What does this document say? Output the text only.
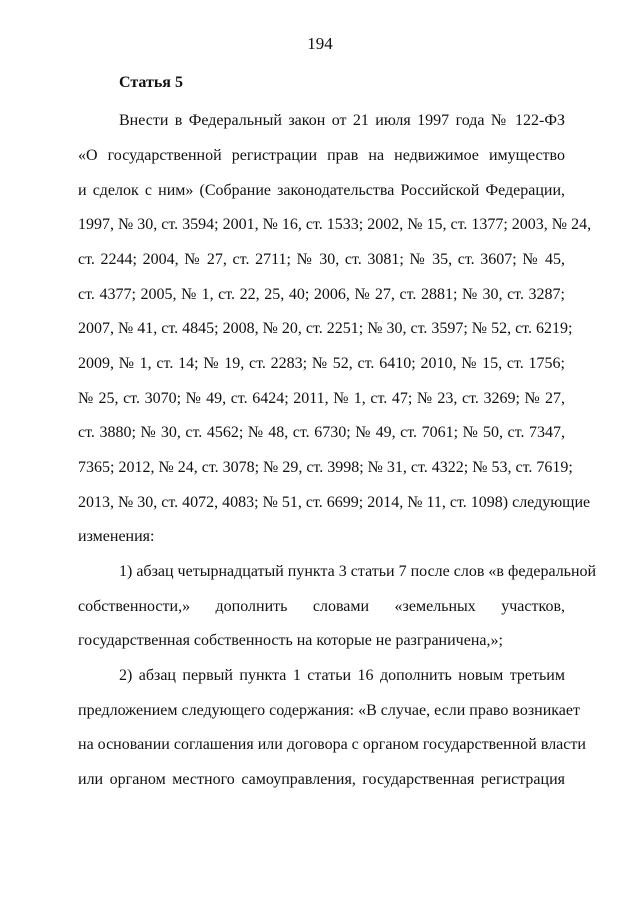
194
Статья 5
Внести в Федеральный закон от 21 июля 1997 года № 122-ФЗ
«О государственной регистрации прав на недвижимое имущество
и сделок с ним» (Собрание законодательства Российской Федерации,
1997, № 30, ст. 3594; 2001, № 16, ст. 1533; 2002, № 15, ст. 1377; 2003, № 24,
ст. 2244; 2004, № 27, ст. 2711; № 30, ст. 3081; № 35, ст. 3607; № 45,
ст. 4377; 2005, № 1, ст. 22, 25, 40; 2006, № 27, ст. 2881; № 30, ст. 3287;
2007, № 41, ст. 4845; 2008, № 20, ст. 2251; № 30, ст. 3597; № 52, ст. 6219;
2009, № 1, ст. 14; № 19, ст. 2283; № 52, ст. 6410; 2010, № 15, ст. 1756;
№ 25, ст. 3070; № 49, ст. 6424; 2011, № 1, ст. 47; № 23, ст. 3269; № 27,
ст. 3880; № 30, ст. 4562; № 48, ст. 6730; № 49, ст. 7061; № 50, ст. 7347,
7365; 2012, № 24, ст. 3078; № 29, ст. 3998; № 31, ст. 4322; № 53, ст. 7619;
2013, № 30, ст. 4072, 4083; № 51, ст. 6699; 2014, № 11, ст. 1098) следующие
изменения:
1) абзац четырнадцатый пункта 3 статьи 7 после слов «в федеральной
собственности,» дополнить словами «земельных участков,
государственная собственность на которые не разграничена,»;
2) абзац первый пункта 1 статьи 16 дополнить новым третьим
предложением следующего содержания: «В случае, если право возникает
на основании соглашения или договора с органом государственной власти
или органом местного самоуправления, государственная регистрация
